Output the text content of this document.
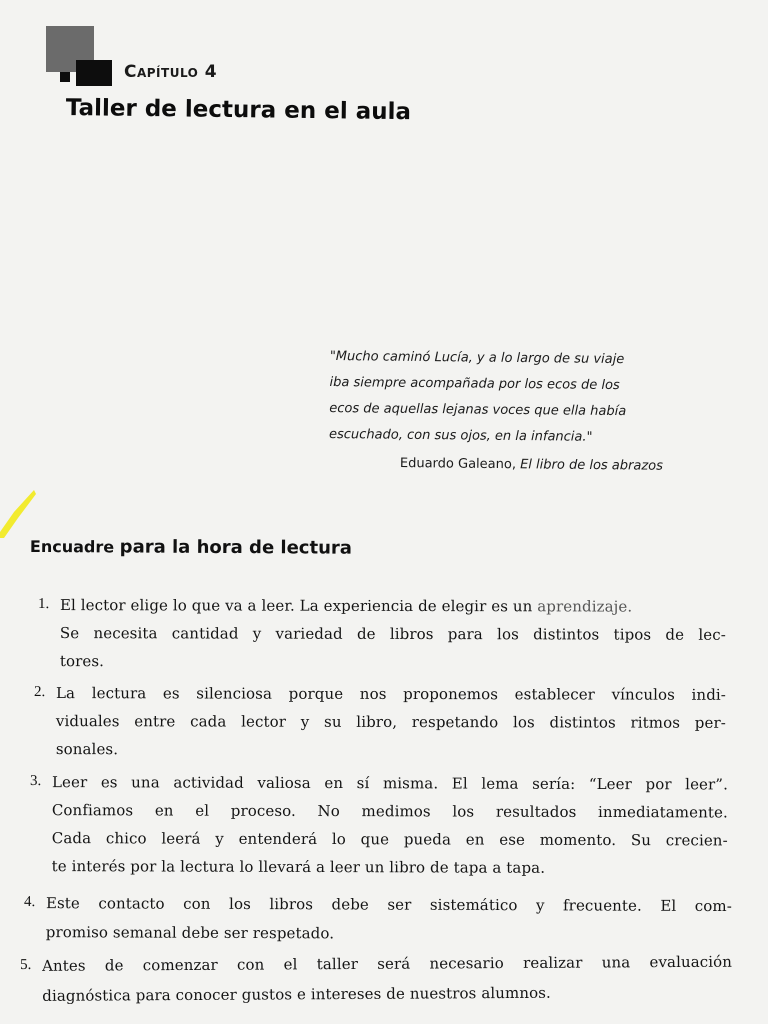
Capítulo 4
Taller de lectura en el aula
"Mucho caminó Lucía, y a lo largo de su viaje
iba siempre acompañada por los ecos de los
ecos de aquellas lejanas voces que ella había
escuchado, con sus ojos, en la infancia."
Eduardo Galeano, El libro de los abrazos
Encuadre para la hora de lectura
1. El lector elige lo que va a leer. La experiencia de elegir es un aprendizaje.
Se necesita cantidad y variedad de libros para los distintos tipos de lec-
tores.
2. La lectura es silenciosa porque nos proponemos establecer vínculos indi-
viduales entre cada lector y su libro, respetando los distintos ritmos per-
sonales.
3. Leer es una actividad valiosa en sí misma. El lema sería: “Leer por leer”.
Confiamos en el proceso. No medimos los resultados inmediatamente.
Cada chico leerá y entenderá lo que pueda en ese momento. Su crecien-
te interés por la lectura lo llevará a leer un libro de tapa a tapa.
4. Este contacto con los libros debe ser sistemático y frecuente. El com-
promiso semanal debe ser respetado.
5. Antes de comenzar con el taller será necesario realizar una evaluación
diagnóstica para conocer gustos e intereses de nuestros alumnos.
